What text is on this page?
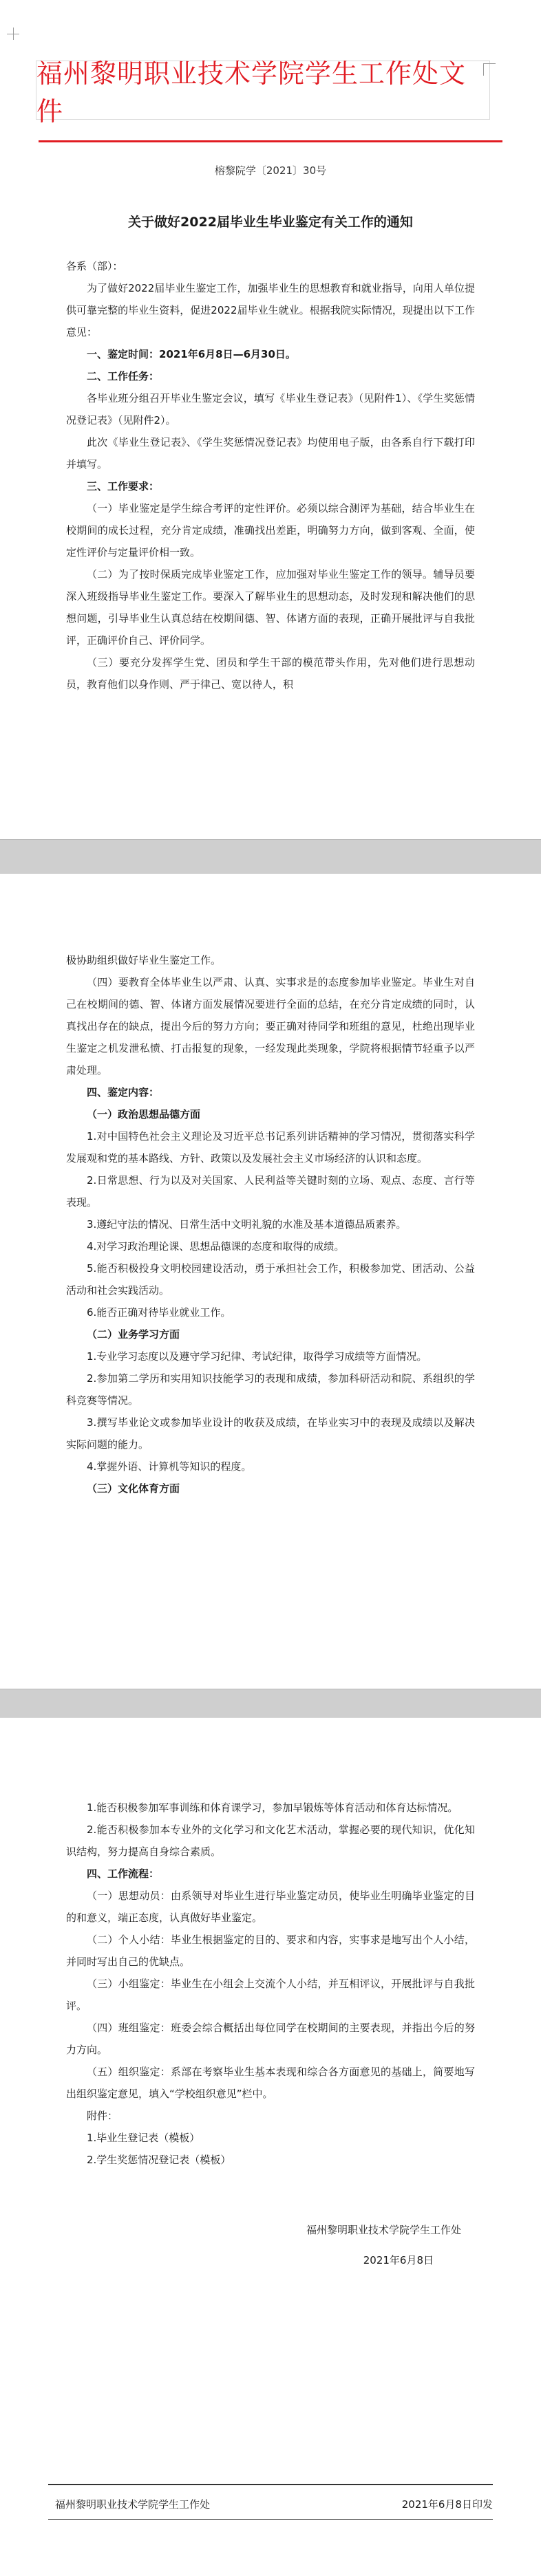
福州黎明职业技术学院学生工作处文件
榕黎院学〔2021〕30号
关于做好2022届毕业生毕业鉴定有关工作的通知

各系（部）：

为了做好2022届毕业生鉴定工作，加强毕业生的思想教育和就业指导，向用人单位提供可靠完整的毕业生资料，促进2022届毕业生就业。根据我院实际情况，现提出以下工作意见：

一、鉴定时间：2021年6月8日—6月30日。

二、工作任务：

各毕业班分组召开毕业生鉴定会议，填写《毕业生登记表》（见附件1）、《学生奖惩情况登记表》（见附件2）。

此次《毕业生登记表》、《学生奖惩情况登记表》均使用电子版，由各系自行下载打印并填写。

三、工作要求：

（一）毕业鉴定是学生综合考评的定性评价。必须以综合测评为基础，结合毕业生在校期间的成长过程，充分肯定成绩，准确找出差距，明确努力方向，做到客观、全面，使定性评价与定量评价相一致。

（二）为了按时保质完成毕业鉴定工作，应加强对毕业生鉴定工作的领导。辅导员要深入班级指导毕业生鉴定工作。要深入了解毕业生的思想动态，及时发现和解决他们的思想问题，引导毕业生认真总结在校期间德、智、体诸方面的表现，正确开展批评与自我批评，正确评价自己、评价同学。

（三）要充分发挥学生党、团员和学生干部的模范带头作用，先对他们进行思想动员，教育他们以身作则、严于律己、宽以待人，积

极协助组织做好毕业生鉴定工作。

（四）要教育全体毕业生以严肃、认真、实事求是的态度参加毕业鉴定。毕业生对自己在校期间的德、智、体诸方面发展情况要进行全面的总结，在充分肯定成绩的同时，认真找出存在的缺点，提出今后的努力方向；要正确对待同学和班组的意见，杜绝出现毕业生鉴定之机发泄私愤、打击报复的现象，一经发现此类现象，学院将根据情节轻重予以严肃处理。

四、鉴定内容：

（一）政治思想品德方面

1.对中国特色社会主义理论及习近平总书记系列讲话精神的学习情况，贯彻落实科学发展观和党的基本路线、方针、政策以及发展社会主义市场经济的认识和态度。

2.日常思想、行为以及对关国家、人民利益等关键时刻的立场、观点、态度、言行等表现。

3.遵纪守法的情况、日常生活中文明礼貌的水准及基本道德品质素养。

4.对学习政治理论课、思想品德课的态度和取得的成绩。

5.能否积极投身文明校园建设活动，勇于承担社会工作，积极参加党、团活动、公益活动和社会实践活动。

6.能否正确对待毕业就业工作。

（二）业务学习方面

1.专业学习态度以及遵守学习纪律、考试纪律，取得学习成绩等方面情况。

2.参加第二学历和实用知识技能学习的表现和成绩，参加科研活动和院、系组织的学科竞赛等情况。

3.撰写毕业论文或参加毕业设计的收获及成绩，在毕业实习中的表现及成绩以及解决实际问题的能力。

4.掌握外语、计算机等知识的程度。

（三）文化体育方面

1.能否积极参加军事训练和体育课学习，参加早锻炼等体育活动和体育达标情况。

2.能否积极参加本专业外的文化学习和文化艺术活动，掌握必要的现代知识，优化知识结构，努力提高自身综合素质。

四、工作流程：

（一）思想动员：由系领导对毕业生进行毕业鉴定动员，使毕业生明确毕业鉴定的目的和意义，端正态度，认真做好毕业鉴定。

（二）个人小结：毕业生根据鉴定的目的、要求和内容，实事求是地写出个人小结，并同时写出自己的优缺点。

（三）小组鉴定：毕业生在小组会上交流个人小结，并互相评议，开展批评与自我批评。

（四）班组鉴定：班委会综合概括出每位同学在校期间的主要表现，并指出今后的努力方向。

（五）组织鉴定：系部在考察毕业生基本表现和综合各方面意见的基础上，简要地写出组织鉴定意见，填入“学校组织意见”栏中。

附件：

1.毕业生登记表（模板）

2.学生奖惩情况登记表（模板）

福州黎明职业技术学院学生工作处
2021年6月8日
福州黎明职业技术学院学生工作处	2021年6月8日印发
